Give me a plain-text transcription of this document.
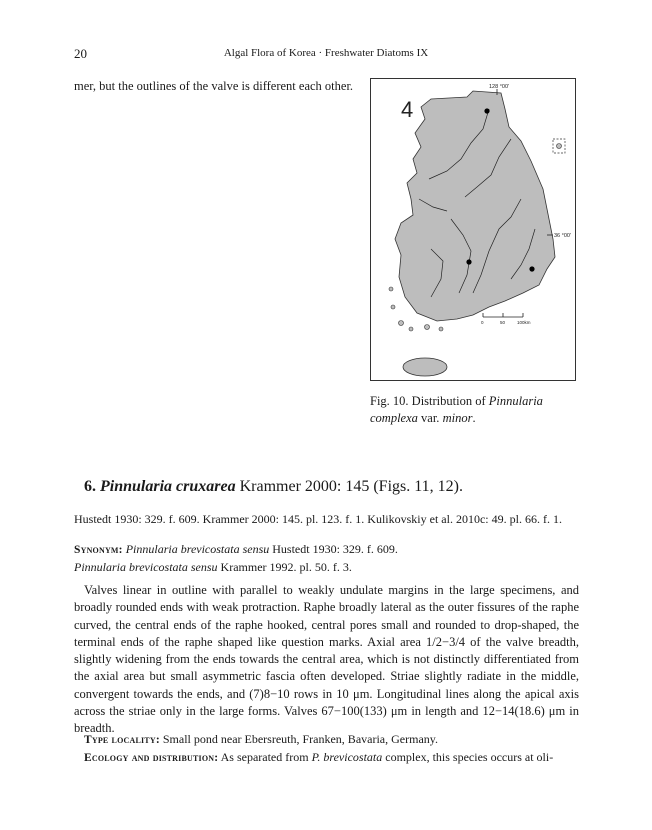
20	Algal Flora of Korea · Freshwater Diatoms IX
mer, but the outlines of the valve is different each other.
4
128 °00'
36 °00'
0	50	100km
Fig. 10. Distribution of Pinnularia complexa var. minor.
6. Pinnularia cruxarea Krammer 2000: 145 (Figs. 11, 12).
Hustedt 1930: 329. f. 609. Krammer 2000: 145. pl. 123. f. 1. Kulikovskiy et al. 2010c: 49. pl. 66. f. 1.
Synonym: Pinnularia brevicostata sensu Hustedt 1930: 329. f. 609.
Pinnularia brevicostata sensu Krammer 1992. pl. 50. f. 3.
Valves linear in outline with parallel to weakly undulate margins in the large specimens, and broadly rounded ends with weak protraction. Raphe broadly lateral as the outer fissures of the raphe curved, the central ends of the raphe hooked, central pores small and rounded to drop-shaped, the terminal ends of the raphe shaped like question marks. Axial area 1/2−3/4 of the valve breadth, slightly widening from the ends towards the central area, which is not distinctly differentiated from the axial area but small asymmetric fascia often developed. Striae slightly radiate in the middle, convergent towards the ends, and (7)8−10 rows in 10 μm. Longitudinal lines along the apical axis across the striae only in the large forms. Valves 67−100(133) μm in length and 12−14(18.6) μm in breadth.
Type locality: Small pond near Ebersreuth, Franken, Bavaria, Germany.
Ecology and distribution: As separated from P. brevicostata complex, this species occurs at oli-
